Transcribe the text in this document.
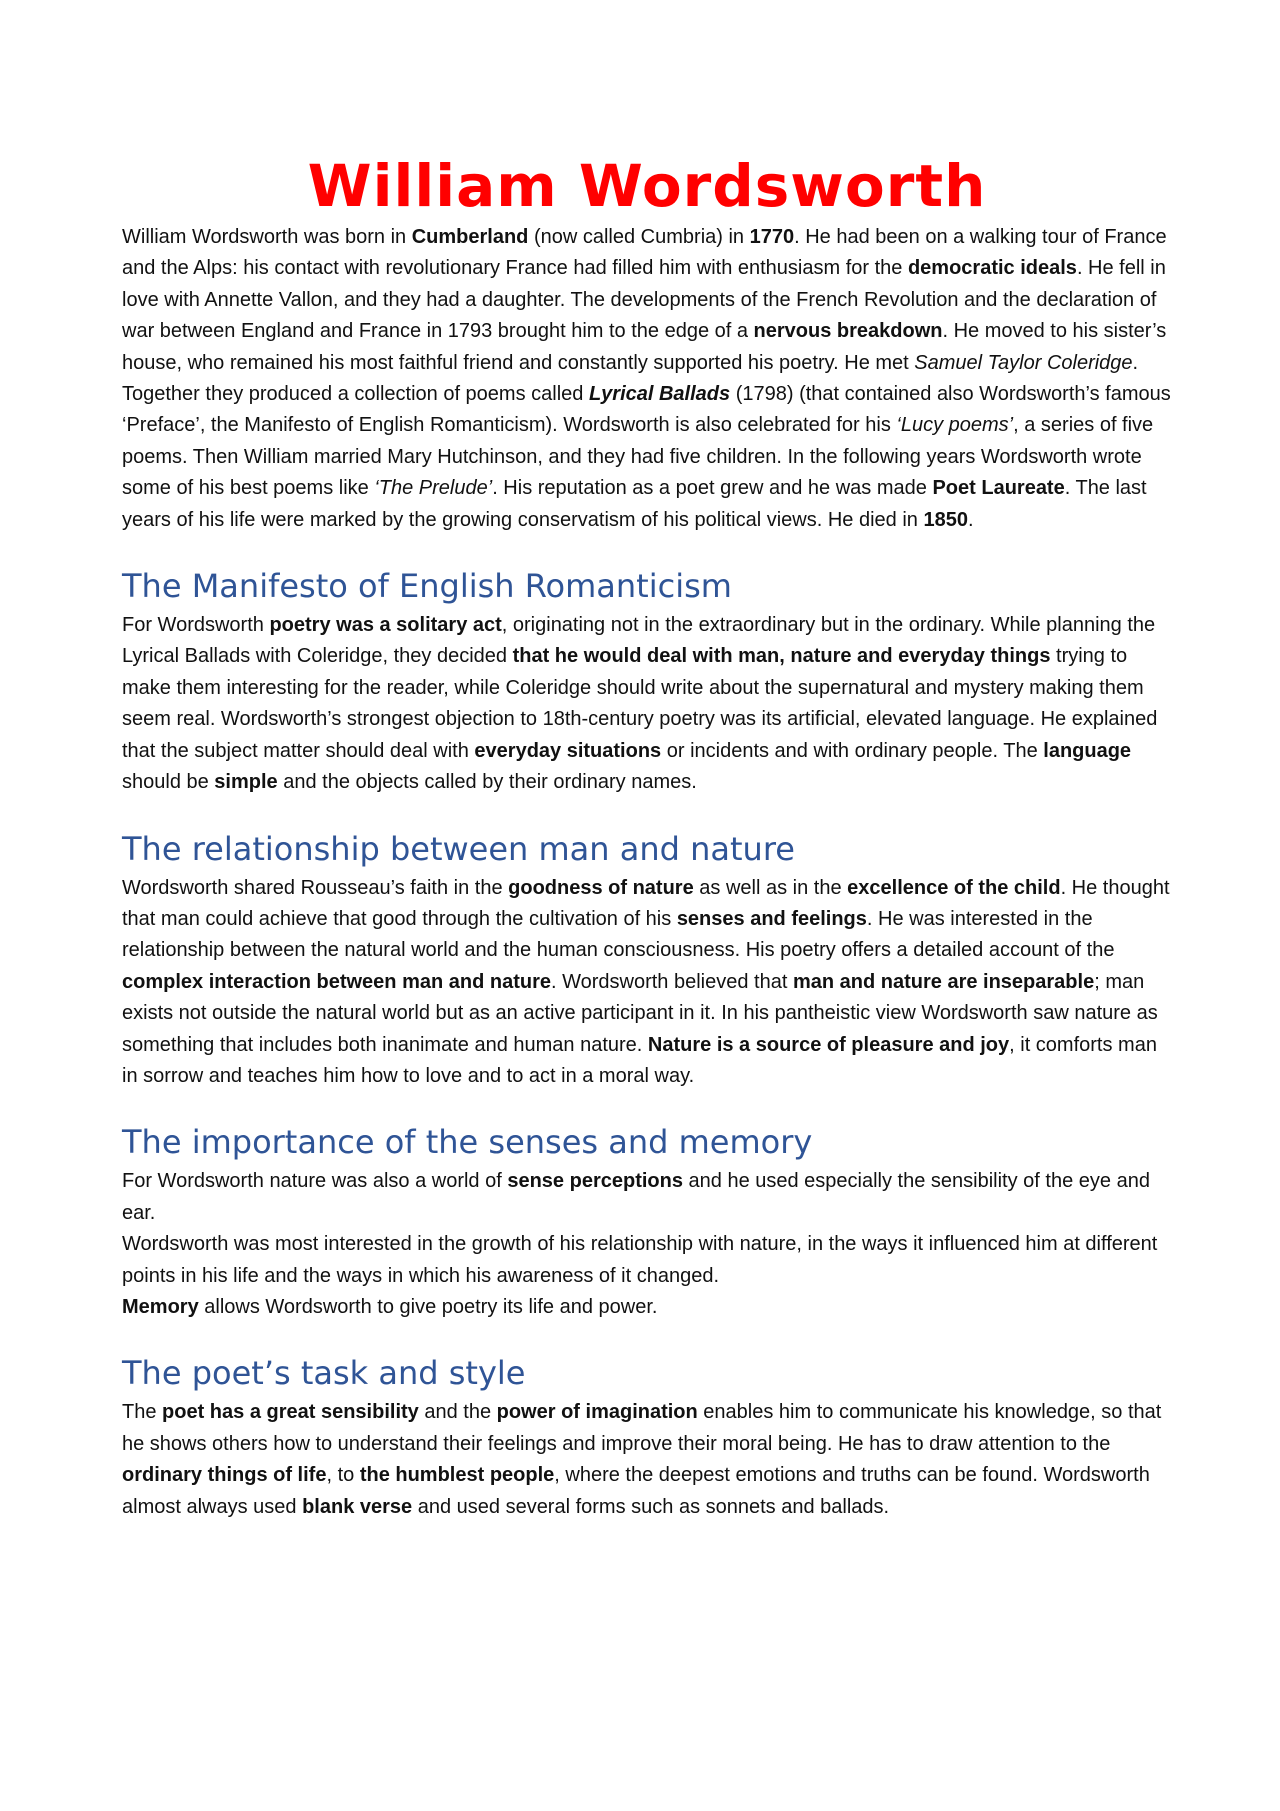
William Wordsworth

William Wordsworth was born in Cumberland (now called Cumbria) in 1770. He had been on a walking tour of France and the Alps: his contact with revolutionary France had filled him with enthusiasm for the democratic ideals. He fell in love with Annette Vallon, and they had a daughter. The developments of the French Revolution and the declaration of war between England and France in 1793 brought him to the edge of a nervous breakdown. He moved to his sister’s house, who remained his most faithful friend and constantly supported his poetry. He met Samuel Taylor Coleridge. Together they produced a collection of poems called Lyrical Ballads (1798) (that contained also Wordsworth’s famous ‘Preface’, the Manifesto of English Romanticism). Wordsworth is also celebrated for his ‘Lucy poems’, a series of five poems. Then William married Mary Hutchinson, and they had five children. In the following years Wordsworth wrote some of his best poems like ‘The Prelude’. His reputation as a poet grew and he was made Poet Laureate. The last years of his life were marked by the growing conservatism of his political views. He died in 1850.

The Manifesto of English Romanticism

For Wordsworth poetry was a solitary act, originating not in the extraordinary but in the ordinary. While planning the Lyrical Ballads with Coleridge, they decided that he would deal with man, nature and everyday things trying to make them interesting for the reader, while Coleridge should write about the supernatural and mystery making them seem real. Wordsworth’s strongest objection to 18th-century poetry was its artificial, elevated language. He explained that the subject matter should deal with everyday situations or incidents and with ordinary people. The language should be simple and the objects called by their ordinary names.

The relationship between man and nature

Wordsworth shared Rousseau’s faith in the goodness of nature as well as in the excellence of the child. He thought that man could achieve that good through the cultivation of his senses and feelings. He was interested in the relationship between the natural world and the human consciousness. His poetry offers a detailed account of the complex interaction between man and nature. Wordsworth believed that man and nature are inseparable; man exists not outside the natural world but as an active participant in it. In his pantheistic view Wordsworth saw nature as something that includes both inanimate and human nature. Nature is a source of pleasure and joy, it comforts man in sorrow and teaches him how to love and to act in a moral way.

The importance of the senses and memory

For Wordsworth nature was also a world of sense perceptions and he used especially the sensibility of the eye and ear.

Wordsworth was most interested in the growth of his relationship with nature, in the ways it influenced him at different points in his life and the ways in which his awareness of it changed.

Memory allows Wordsworth to give poetry its life and power.

The poet’s task and style

The poet has a great sensibility and the power of imagination enables him to communicate his knowledge, so that he shows others how to understand their feelings and improve their moral being. He has to draw attention to the ordinary things of life, to the humblest people, where the deepest emotions and truths can be found. Wordsworth almost always used blank verse and used several forms such as sonnets and ballads.
